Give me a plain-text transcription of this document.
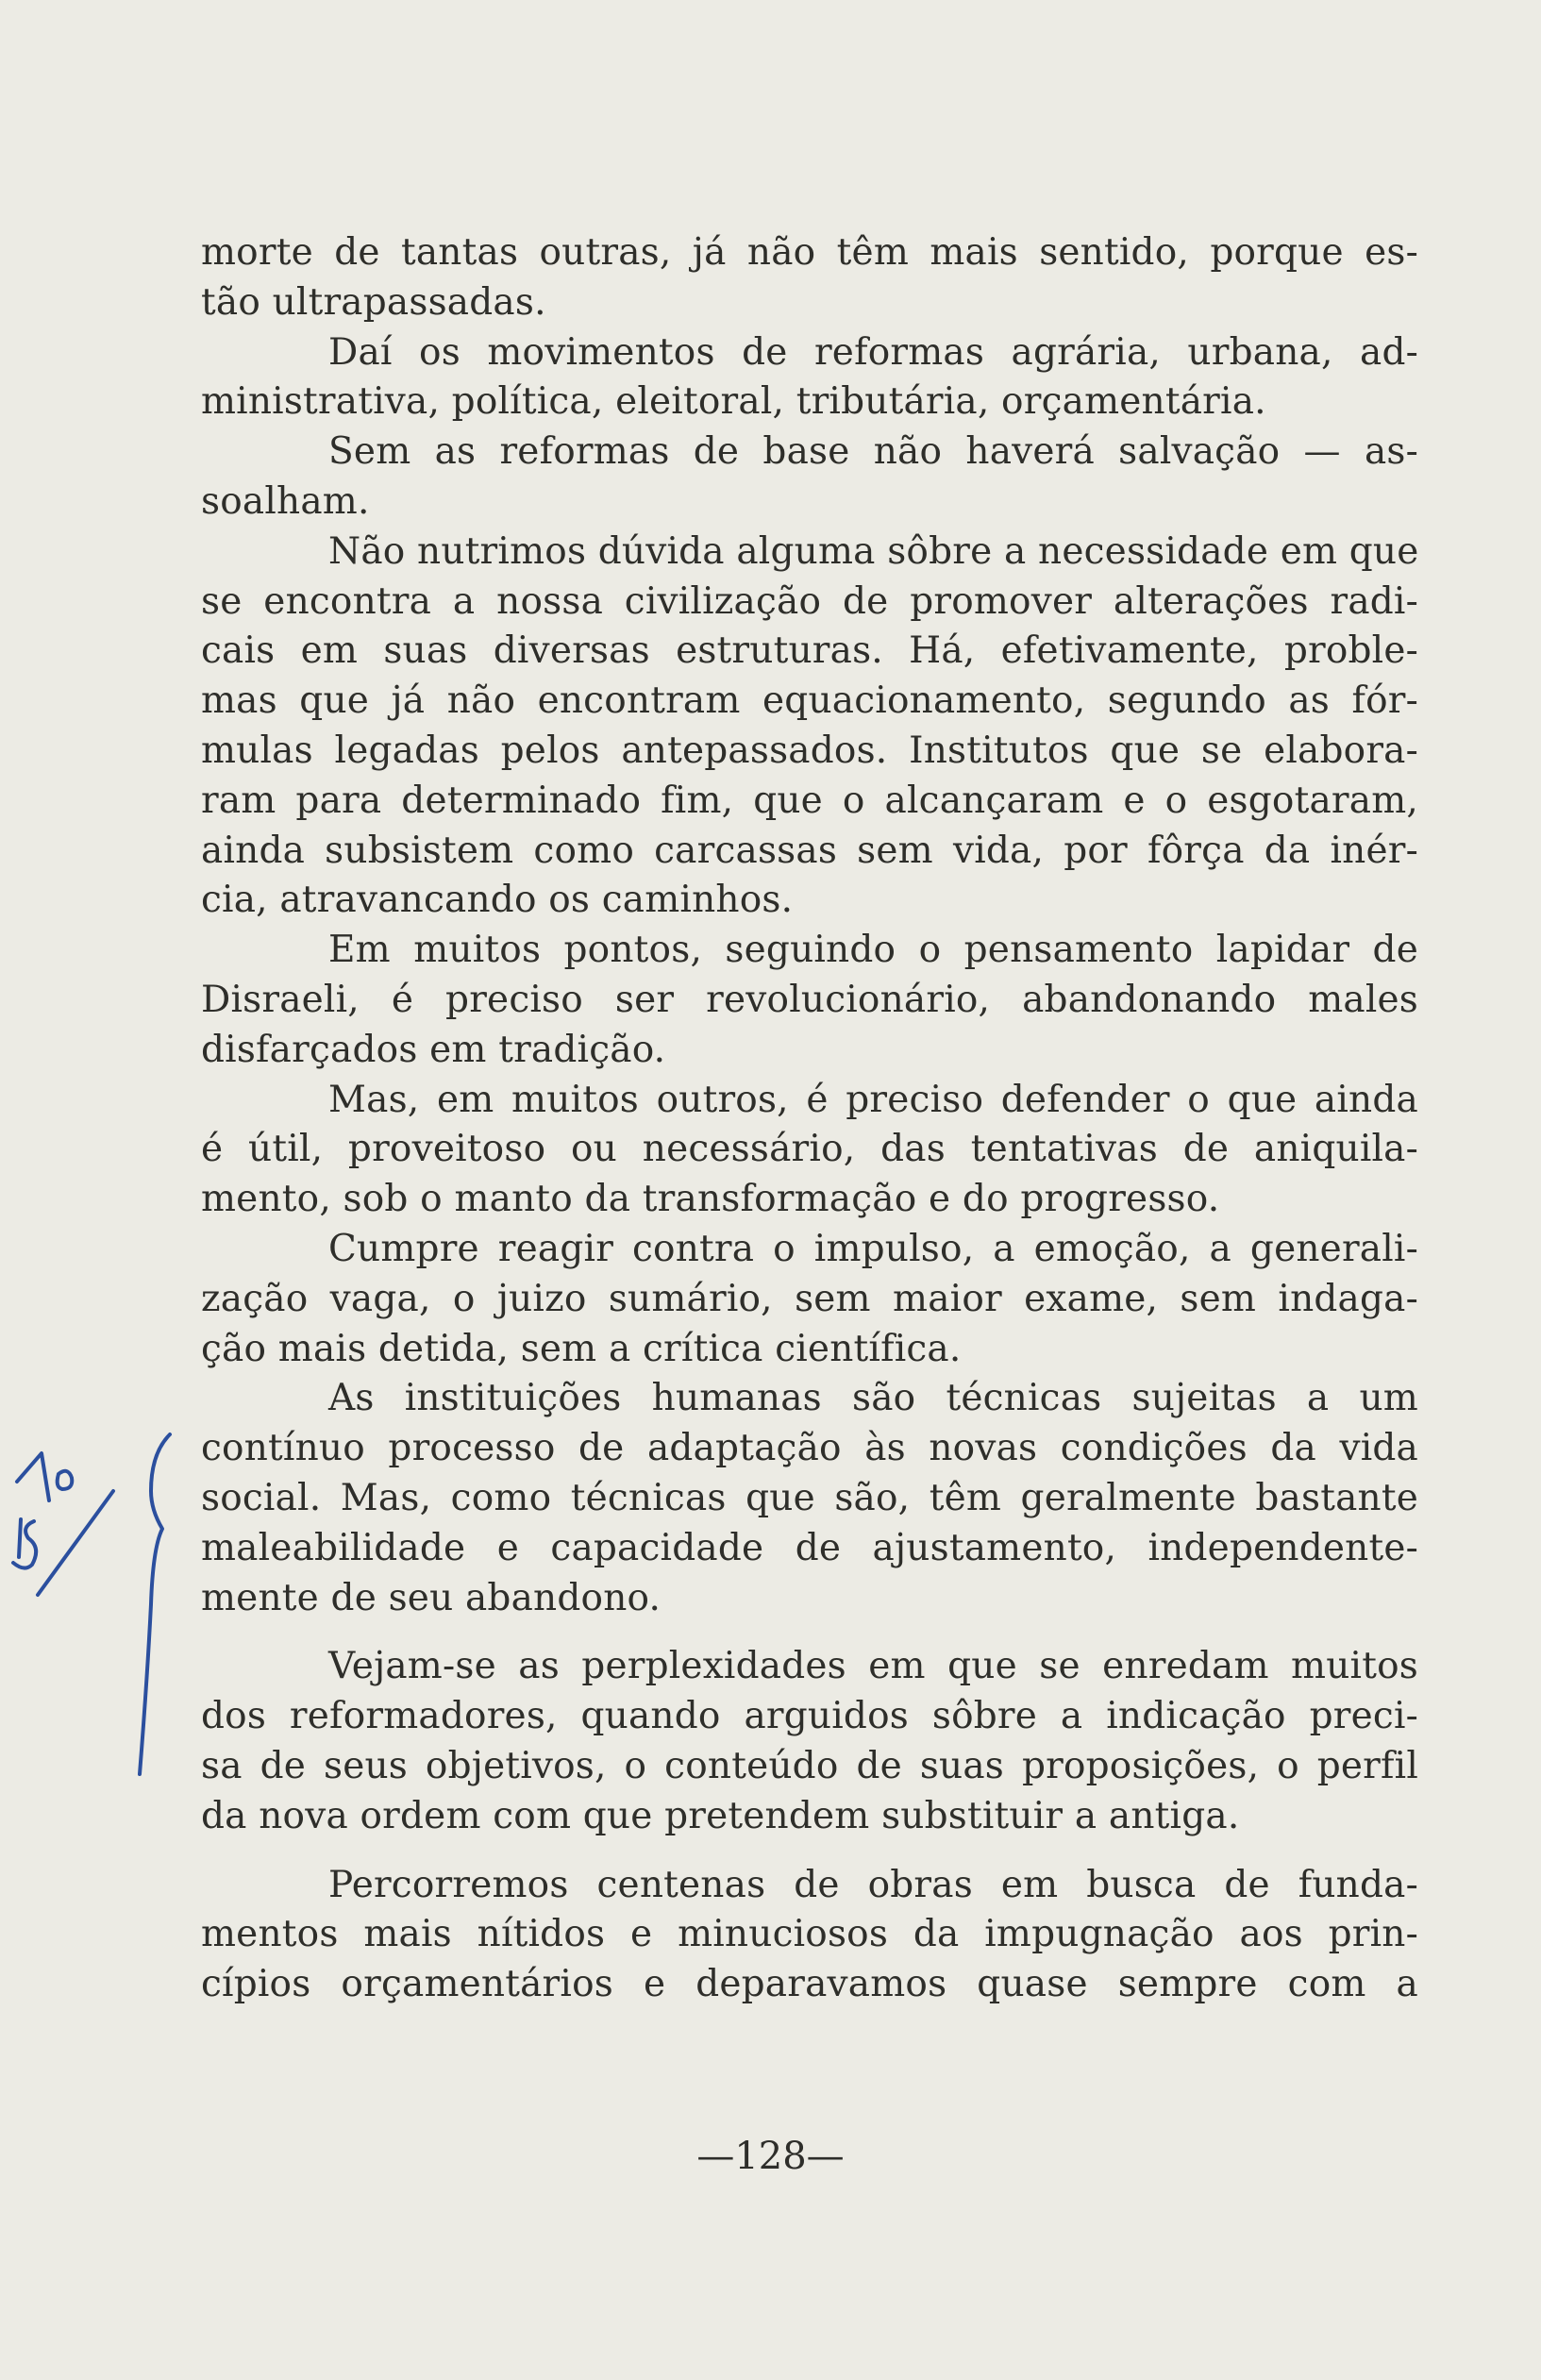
morte de tantas outras, já não têm mais sentido, porque es-
tão ultrapassadas.
Daí os movimentos de reformas agrária, urbana, ad-
ministrativa, política, eleitoral, tributária, orçamentária.
Sem as reformas de base não haverá salvação — as-
soalham.
Não nutrimos dúvida alguma sôbre a necessidade em que
se encontra a nossa civilização de promover alterações radi-
cais em suas diversas estruturas. Há, efetivamente, proble-
mas que já não encontram equacionamento, segundo as fór-
mulas legadas pelos antepassados. Institutos que se elabora-
ram para determinado fim, que o alcançaram e o esgotaram,
ainda subsistem como carcassas sem vida, por fôrça da inér-
cia, atravancando os caminhos.
Em muitos pontos, seguindo o pensamento lapidar de
Disraeli, é preciso ser revolucionário, abandonando males
disfarçados em tradição.
Mas, em muitos outros, é preciso defender o que ainda
é útil, proveitoso ou necessário, das tentativas de aniquila-
mento, sob o manto da transformação e do progresso.
Cumpre reagir contra o impulso, a emoção, a generali-
zação vaga, o juizo sumário, sem maior exame, sem indaga-
ção mais detida, sem a crítica científica.
As instituições humanas são técnicas sujeitas a um
contínuo processo de adaptação às novas condições da vida
social. Mas, como técnicas que são, têm geralmente bastante
maleabilidade e capacidade de ajustamento, independente-
mente de seu abandono.
Vejam-se as perplexidades em que se enredam muitos
dos reformadores, quando arguidos sôbre a indicação preci-
sa de seus objetivos, o conteúdo de suas proposições, o perfil
da nova ordem com que pretendem substituir a antiga.
Percorremos centenas de obras em busca de funda-
mentos mais nítidos e minuciosos da impugnação aos prin-
cípios orçamentários e deparavamos quase sempre com a
—128—
